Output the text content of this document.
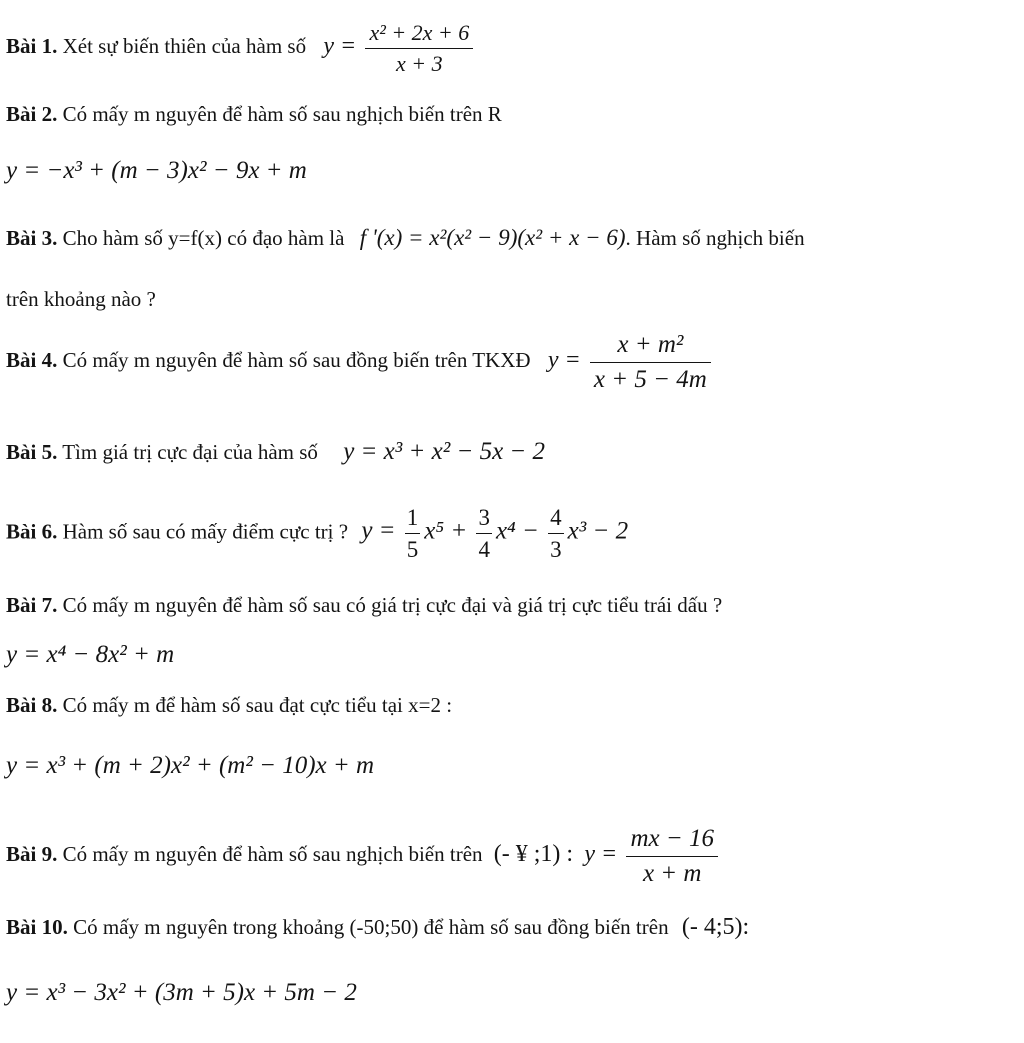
Bài 1. Xét sự biến thiên của hàm số $y = \frac{\text{x² + 2x + 6}}{x + 3}$
Bài 2. Có mấy m nguyên để hàm số sau nghịch biến trên R
y = −x³ + (m − 3)x² − 9x + m
Bài 3. Cho hàm số y=f(x) có đạo hàm là f '(x) = x²(x² − 9)(x² + x − 6). Hàm số nghịch biến
trên khoảng nào ?
Bài 4. Có mấy m nguyên để hàm số sau đồng biến trên TKXĐ $y = \frac{\text{x + m²}}{x + 5 - 4m}$
Bài 5. Tìm giá trị cực đại của hàm số y = x³ + x² − 5x − 2
Bài 6. Hàm số sau có mấy điểm cực trị ? $y = \frac{1}{5} x^5 + \frac{3}{4} x^4 - \frac{4}{3} x^3 - 2$
Bài 7. Có mấy m nguyên để hàm số sau có giá trị cực đại và giá trị cực tiểu trái dấu ?
y = x⁴ − 8x² + m
Bài 8. Có mấy m để hàm số sau đạt cực tiểu tại x=2 :
y = x³ + (m + 2)x² + (m² − 10)x + m
Bài 9. Có mấy m nguyên để hàm số sau nghịch biến trên (- ¥ ;1) : $y = \frac{mx - 16}{x + m}$
Bài 10. Có mấy m nguyên trong khoảng (-50;50) để hàm số sau đồng biến trên (- 4;5):
y = x³ − 3x² + (3m + 5)x + 5m − 2
